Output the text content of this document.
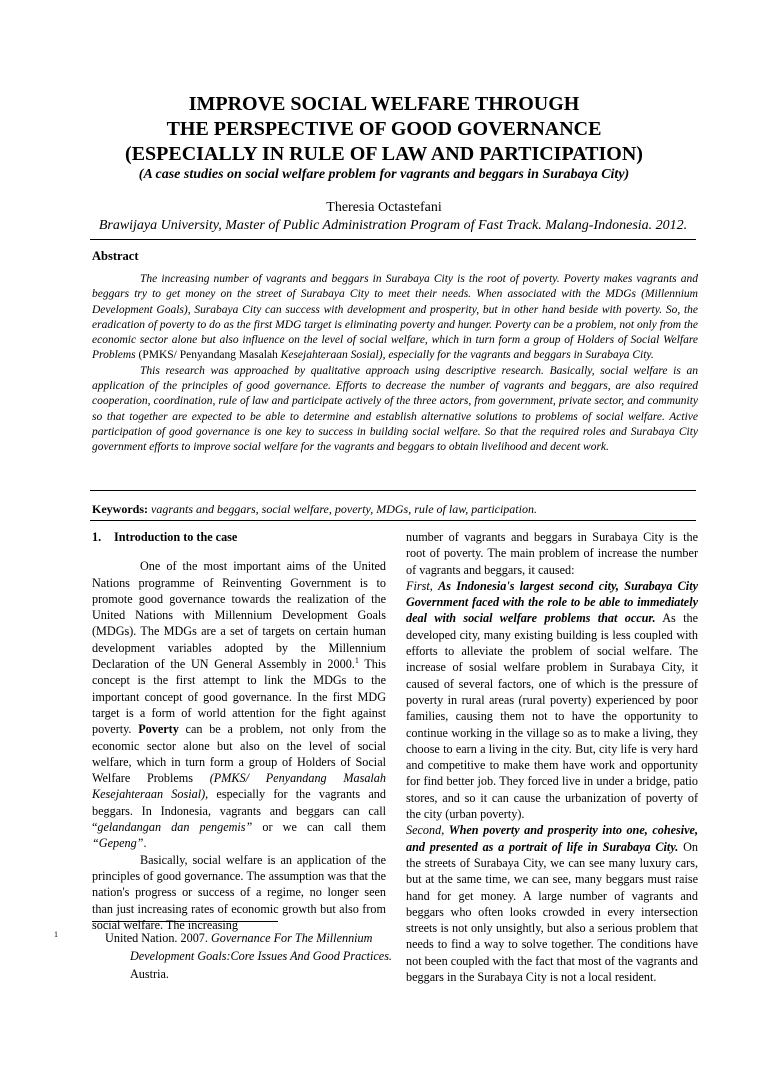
IMPROVE SOCIAL WELFARE THROUGH
THE PERSPECTIVE OF GOOD GOVERNANCE
(ESPECIALLY IN RULE OF LAW AND PARTICIPATION)
(A case studies on social welfare problem for vagrants and beggars in Surabaya City)
Theresia Octastefani
Brawijaya University, Master of Public Administration Program of Fast Track. Malang-Indonesia. 2012.
Abstract

The increasing number of vagrants and beggars in Surabaya City is the root of poverty. Poverty makes vagrants and beggars try to get money on the street of Surabaya City to meet their needs. When associated with the MDGs (Millennium Development Goals), Surabaya City can success with development and prosperity, but in other hand beside with poverty. So, the eradication of poverty to do as the first MDG target is eliminating poverty and hunger. Poverty can be a problem, not only from the economic sector alone but also influence on the level of social welfare, which in turn form a group of Holders of Social Welfare Problems (PMKS/ Penyandang Masalah Kesejahteraan Sosial), especially for the vagrants and beggars in Surabaya City.

This research was approached by qualitative approach using descriptive research. Basically, social welfare is an application of the principles of good governance. Efforts to decrease the number of vagrants and beggars, are also required cooperation, coordination, rule of law and participate actively of the three actors, from government, private sector, and community so that together are expected to be able to determine and establish alternative solutions to problems of social welfare. Active participation of good governance is one key to success in building social welfare. So that the required roles and Surabaya City government efforts to improve social welfare for the vagrants and beggars to obtain livelihood and decent work.

Keywords: vagrants and beggars, social welfare, poverty, MDGs, rule of law, participation.

1. Introduction to the case

One of the most important aims of the United Nations programme of Reinventing Government is to promote good governance towards the realization of the United Nations with Millennium Development Goals (MDGs). The MDGs are a set of targets on certain human development variables adopted by the Millennium Declaration of the UN General Assembly in 2000.$^1$ This concept is the first attempt to link the MDGs to the important concept of good governance. In the first MDG target is a form of world attention for the fight against poverty. Poverty can be a problem, not only from the economic sector alone but also on the level of social welfare, which in turn form a group of Holders of Social Welfare Problems (PMKS/ Penyandang Masalah Kesejahteraan Sosial), especially for the vagrants and beggars. In Indonesia, vagrants and beggars can call “gelandangan dan pengemis” or we can call them “Gepeng”.

Basically, social welfare is an application of the principles of good governance. The assumption was that the nation's progress or success of a regime, no longer seen than just increasing rates of economic growth but also from social welfare. The increasing

number of vagrants and beggars in Surabaya City is the root of poverty. The main problem of increase the number of vagrants and beggars, it caused:

First, As Indonesia's largest second city, Surabaya City Government faced with the role to be able to immediately deal with social welfare problems that occur. As the developed city, many existing building is less coupled with efforts to alleviate the problem of social welfare. The increase of sosial welfare problem in Surabaya City, it caused of several factors, one of which is the pressure of poverty in rural areas (rural poverty) experienced by poor families, causing them not to have the opportunity to continue working in the village so as to make a living, they choose to earn a living in the city. But, city life is very hard and competitive to make them have work and opportunity for find better job. They forced live in under a bridge, patio stores, and so it can cause the urbanization of poverty of the city (urban poverty).

Second, When poverty and prosperity into one, cohesive, and presented as a portrait of life in Surabaya City. On the streets of Surabaya City, we can see many luxury cars, but at the same time, we can see, many beggars must raise hand for get money. A large number of vagrants and beggars who often looks crowded in every intersection streets is not only unsightly, but also a serious problem that needs to find a way to solve together. The conditions have not been coupled with the fact that most of the vagrants and beggars in the Surabaya City is not a local resident.

$^1$	United Nation. 2007. Governance For The Millennium Development Goals:Core Issues And Good Practices. Austria.
